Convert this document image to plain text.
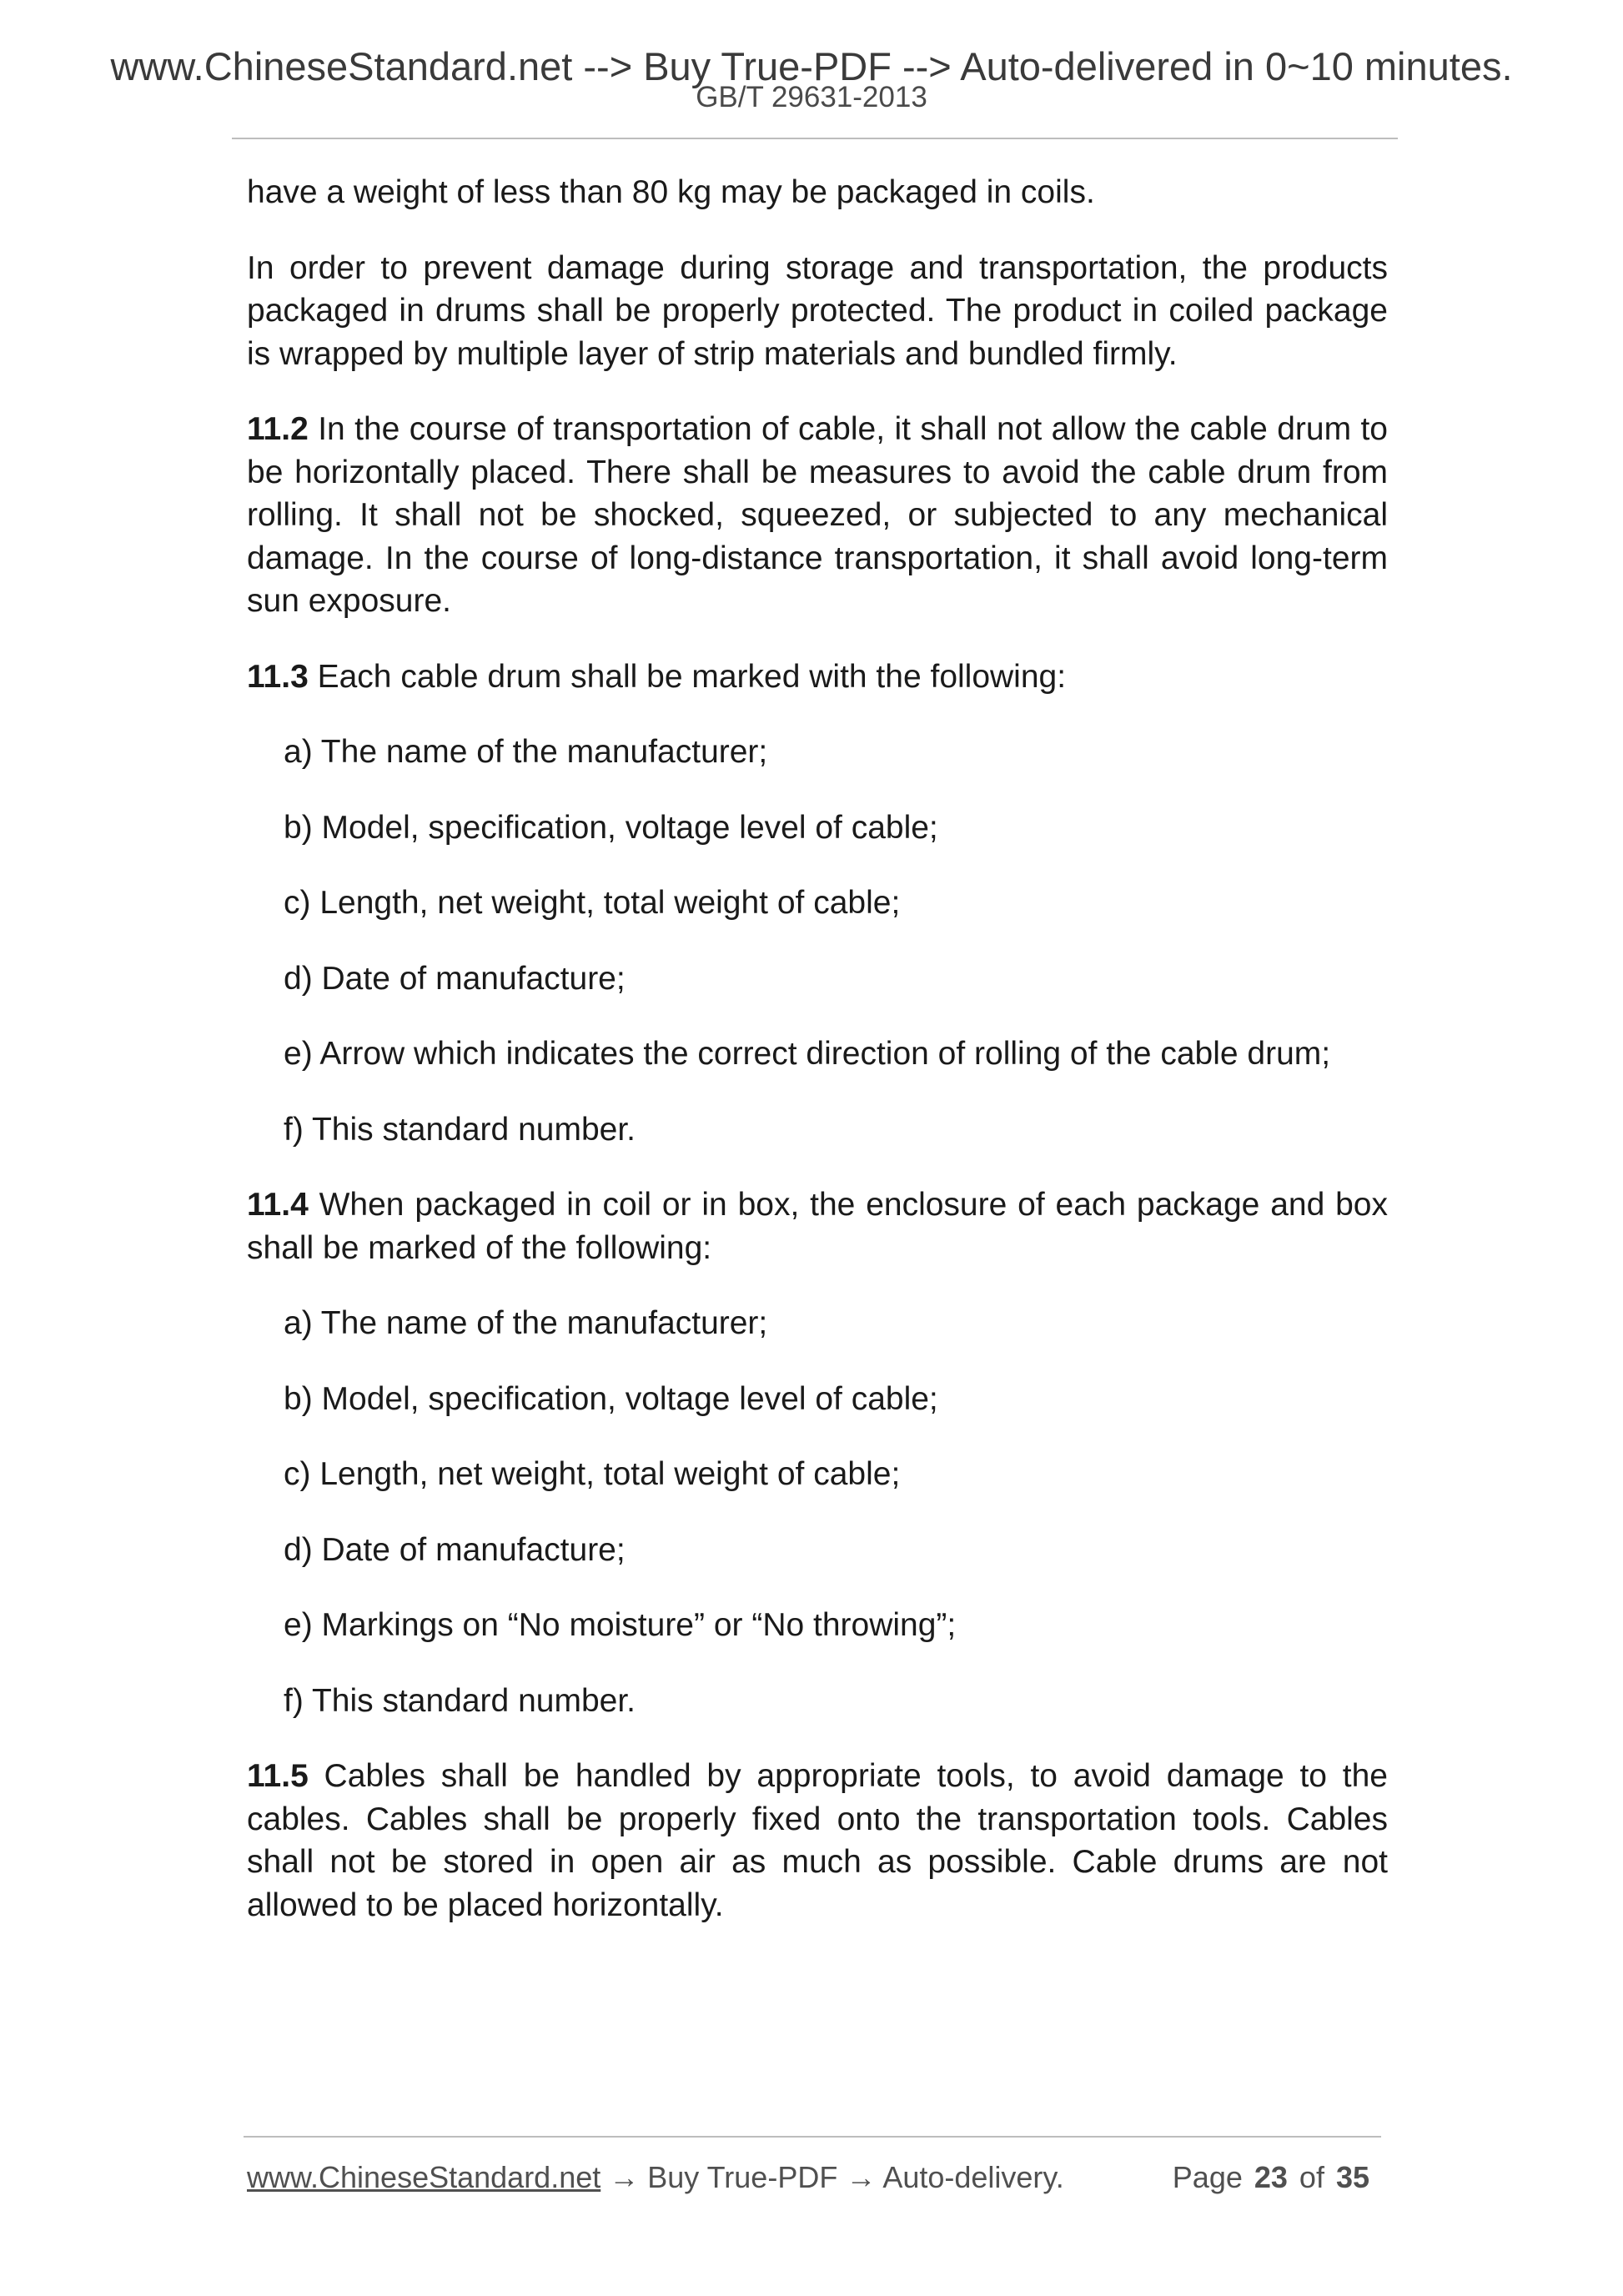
www.ChineseStandard.net --> Buy True-PDF --> Auto-delivered in 0~10 minutes.
GB/T 29631-2013

have a weight of less than 80 kg may be packaged in coils.

In order to prevent damage during storage and transportation, the products packaged in drums shall be properly protected. The product in coiled package is wrapped by multiple layer of strip materials and bundled firmly.

11.2 In the course of transportation of cable, it shall not allow the cable drum to be horizontally placed. There shall be measures to avoid the cable drum from rolling. It shall not be shocked, squeezed, or subjected to any mechanical damage. In the course of long-distance transportation, it shall avoid long-term sun exposure.

11.3 Each cable drum shall be marked with the following:

a) The name of the manufacturer;

b) Model, specification, voltage level of cable;

c) Length, net weight, total weight of cable;

d) Date of manufacture;

e) Arrow which indicates the correct direction of rolling of the cable drum;

f) This standard number.

11.4 When packaged in coil or in box, the enclosure of each package and box shall be marked of the following:

a) The name of the manufacturer;

b) Model, specification, voltage level of cable;

c) Length, net weight, total weight of cable;

d) Date of manufacture;

e) Markings on “No moisture” or “No throwing”;

f) This standard number.

11.5 Cables shall be handled by appropriate tools, to avoid damage to the cables. Cables shall be properly fixed onto the transportation tools. Cables shall not be stored in open air as much as possible. Cable drums are not allowed to be placed horizontally.

www.ChineseStandard.net → Buy True-PDF → Auto-delivery.	Page 23 of 35
